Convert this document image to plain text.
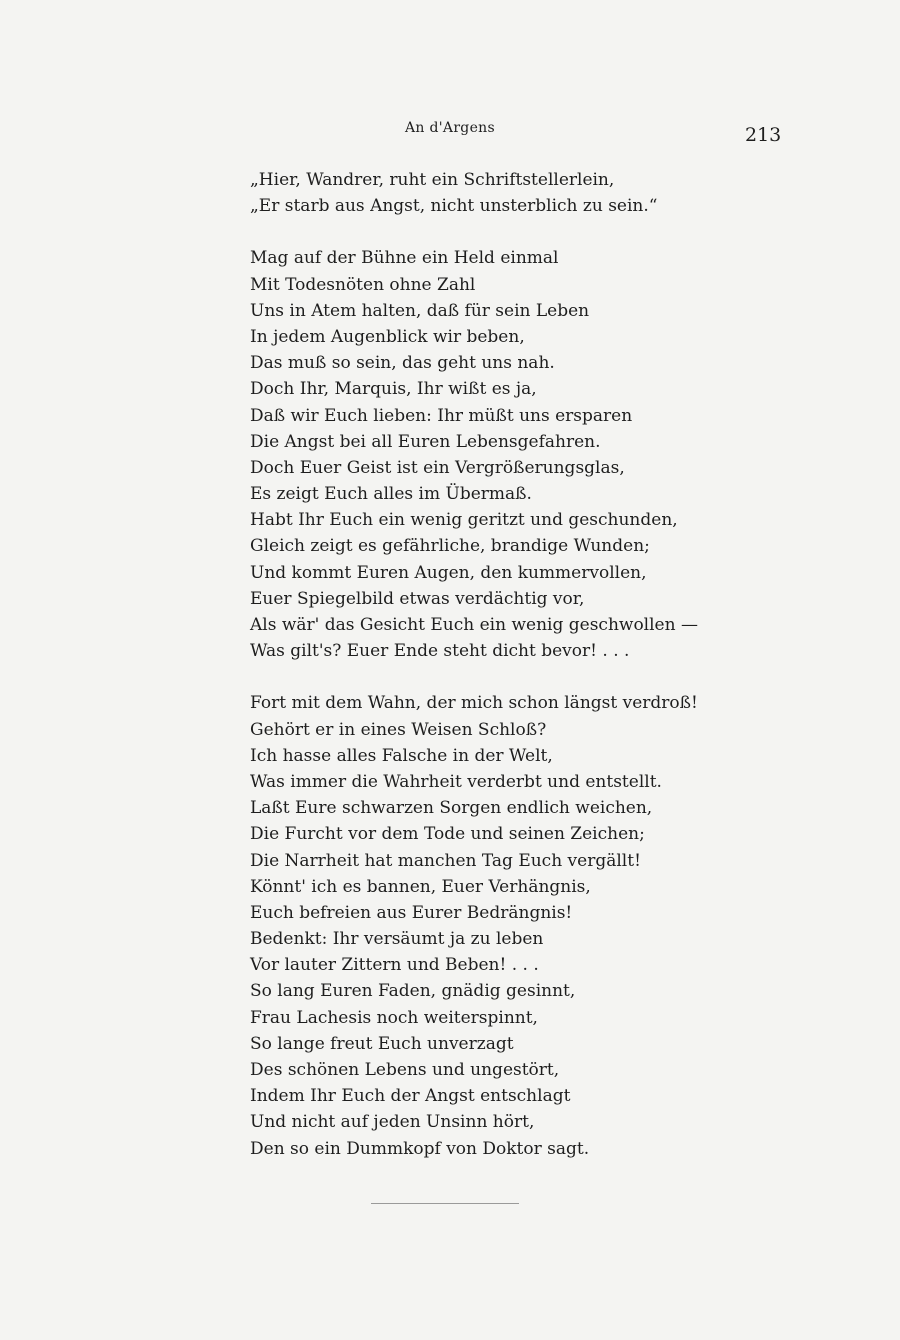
An d'Argens	213
„Hier, Wandrer, ruht ein Schriftstellerlein,
„Er starb aus Angst, nicht unsterblich zu sein.“
Mag auf der Bühne ein Held einmal
Mit Todesnöten ohne Zahl
Uns in Atem halten, daß für sein Leben
In jedem Augenblick wir beben,
Das muß so sein, das geht uns nah.
Doch Ihr, Marquis, Ihr wißt es ja,
Daß wir Euch lieben: Ihr müßt uns ersparen
Die Angst bei all Euren Lebensgefahren.
Doch Euer Geist ist ein Vergrößerungsglas,
Es zeigt Euch alles im Übermaß.
Habt Ihr Euch ein wenig geritzt und geschunden,
Gleich zeigt es gefährliche, brandige Wunden;
Und kommt Euren Augen, den kummervollen,
Euer Spiegelbild etwas verdächtig vor,
Als wär' das Gesicht Euch ein wenig geschwollen —
Was gilt's? Euer Ende steht dicht bevor! . . .
Fort mit dem Wahn, der mich schon längst verdroß!
Gehört er in eines Weisen Schloß?
Ich hasse alles Falsche in der Welt,
Was immer die Wahrheit verderbt und entstellt.
Laßt Eure schwarzen Sorgen endlich weichen,
Die Furcht vor dem Tode und seinen Zeichen;
Die Narrheit hat manchen Tag Euch vergällt!
Könnt' ich es bannen, Euer Verhängnis,
Euch befreien aus Eurer Bedrängnis!
Bedenkt: Ihr versäumt ja zu leben
Vor lauter Zittern und Beben! . . .
So lang Euren Faden, gnädig gesinnt,
Frau Lachesis noch weiterspinnt,
So lange freut Euch unverzagt
Des schönen Lebens und ungestört,
Indem Ihr Euch der Angst entschlagt
Und nicht auf jeden Unsinn hört,
Den so ein Dummkopf von Doktor sagt.
